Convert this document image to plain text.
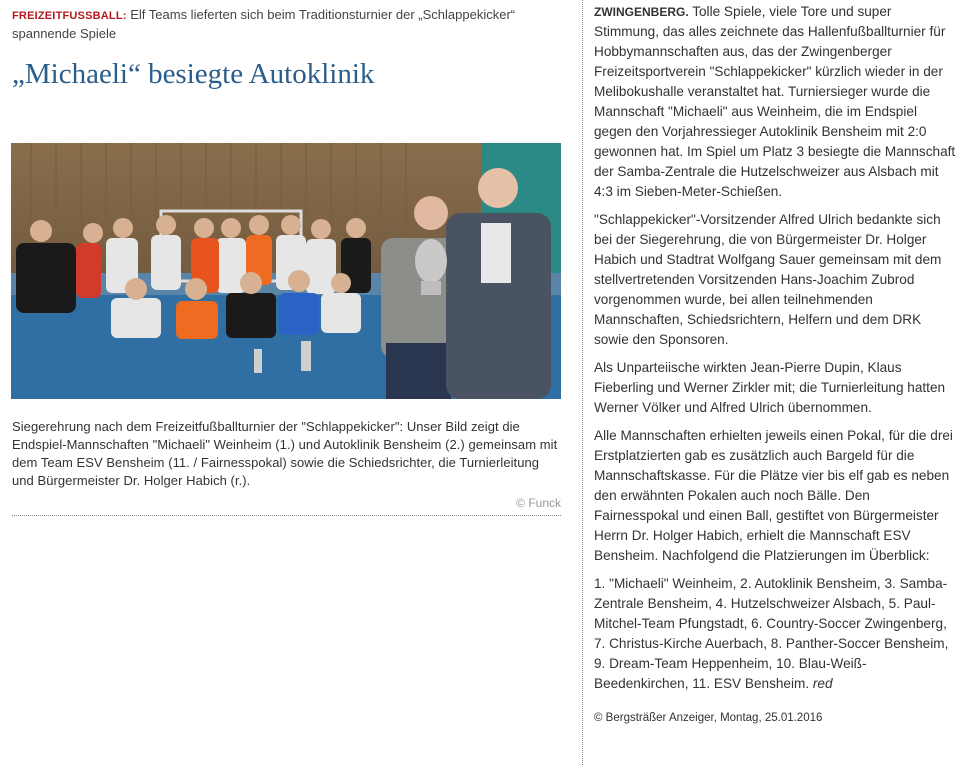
FREIZEITFUSSBALL: Elf Teams lieferten sich beim Traditionsturnier der „Schlappekicker“ spannende Spiele
„Michaeli“ besiegte Autoklinik
Siegerehrung nach dem Freizeitfußballturnier der "Schlappekicker": Unser Bild zeigt die Endspiel-Mannschaften "Michaeli" Weinheim (1.) und Autoklinik Bensheim (2.) gemeinsam mit dem Team ESV Bensheim (11. / Fairnesspokal) sowie die Schiedsrichter, die Turnierleitung und Bürgermeister Dr. Holger Habich (r.).
© Funck

ZWINGENBERG. Tolle Spiele, viele Tore und super Stimmung, das alles zeichnete das Hallenfußballturnier für Hobbymannschaften aus, das der Zwingenberger Freizeitsportverein "Schlappekicker" kürzlich wieder in der Melibokushalle veranstaltet hat. Turniersieger wurde die Mannschaft "Michaeli" aus Weinheim, die im Endspiel gegen den Vorjahressieger Autoklinik Bensheim mit 2:0 gewonnen hat. Im Spiel um Platz 3 besiegte die Mannschaft der Samba-Zentrale die Hutzelschweizer aus Alsbach mit 4:3 im Sieben-Meter-Schießen.

"Schlappekicker"-Vorsitzender Alfred Ulrich bedankte sich bei der Siegerehrung, die von Bürgermeister Dr. Holger Habich und Stadtrat Wolfgang Sauer gemeinsam mit dem stellvertretenden Vorsitzenden Hans-Joachim Zubrod vorgenommen wurde, bei allen teilnehmenden Mannschaften, Schiedsrichtern, Helfern und dem DRK sowie den Sponsoren.

Als Unparteiische wirkten Jean-Pierre Dupin, Klaus Fieberling und Werner Zirkler mit; die Turnierleitung hatten Werner Völker und Alfred Ulrich übernommen.

Alle Mannschaften erhielten jeweils einen Pokal, für die drei Erstplatzierten gab es zusätzlich auch Bargeld für die Mannschaftskasse. Für die Plätze vier bis elf gab es neben den erwähnten Pokalen auch noch Bälle. Den Fairnesspokal und einen Ball, gestiftet von Bürgermeister Herrn Dr. Holger Habich, erhielt die Mannschaft ESV Bensheim. Nachfolgend die Platzierungen im Überblick:

1. "Michaeli" Weinheim, 2. Autoklinik Bensheim, 3. Samba-Zentrale Bensheim, 4. Hutzelschweizer Alsbach, 5. Paul-Mitchel-Team Pfungstadt, 6. Country-Soccer Zwingenberg, 7. Christus-Kirche Auerbach, 8. Panther-Soccer Bensheim, 9. Dream-Team Heppenheim, 10. Blau-Weiß-Beedenkirchen, 11. ESV Bensheim. red

© Bergsträßer Anzeiger, Montag, 25.01.2016
